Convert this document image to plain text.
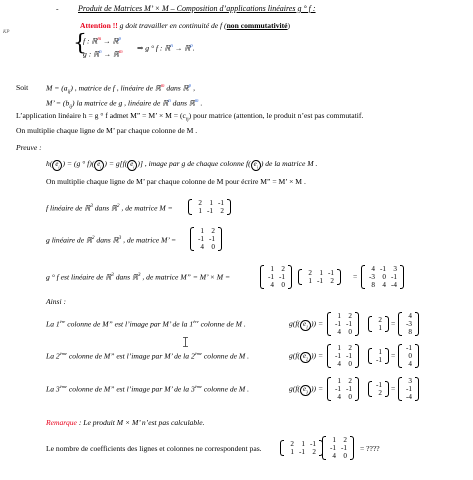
KP
- Produit de Matrices M’ × M – Composition d’applications linéaires g ° f :
Attention !! g doit travailler en continuité de f (non commutativité)
{
f : ℝ$^m$ → ℝ$^p$
g : ℝ$^n$ → ℝ$^m$ ⇒ g ° f : ℝ$^n$ → ℝ$^p$.
Soit $M = (a_{ij})$ , matrice de f , linéaire de ℝ$^m$ dans ℝ$^p$ ,
M’ = $(b_{ij})$ la matrice de g , linéaire de ℝ$^n$ dans ℝ$^m$ .
L’application linéaire h = g ° f admet M” = M’ × $M = (c_{ij})$ pour matrice (attention, le produit n’est pas commutatif.
On multiplie chaque ligne de M’ par chaque colonne de M .
Preuve :
h( $e_i$ ) = (g ° f)( $e_i$ ) = g[f( $e_i$ )] , image par g de chaque colonne f( $e_i$ ) de la matrice M .
On multiplie chaque ligne de M’ par chaque colonne de M pour écrire M” = M’ × M .
f linéaire de ℝ$^3$ dans ℝ$^2$ , de matrice M =
2	1	-1
1	-1	2
g linéaire de ℝ$^2$ dans ℝ$^3$ , de matrice M’ =
1	2
-1	-1
4	0
g ° f est linéaire de ℝ$^3$ dans ℝ$^3$ , de matrice M” = M’ × M =
1	2
-1	-1
4	0
2	1	-1
1	-1	2	=
4	-1	3
-3	0	-1
8	4	-4
Ainsi :
La 1ère colonne de M” est l’image par M’ de la 1ère colonne de M .	g(f( $e_1$ )) =
1	2
-1	-1
4	0
2
1 =
4
-3
8
La 2ème colonne de M” est l’image par M’ de la 2ème colonne de M .	g(f( $e_2$ )) =
1	2
-1	-1
4	0
1
-1 =
-1
0
4
La 3ème colonne de M” est l’image par M’ de la 3ème colonne de M .	g(f( $e_3$ )) =
1	2
-1	-1
4	0
-1
2 =
3
-1
-4
Remarque : Le produit M × M’ n’est pas calculable.
Le nombre de coefficients des lignes et colonnes ne correspondent pas.	2	1	-1
1	-1	2
1	2
-1	-1
4	0
= ????
